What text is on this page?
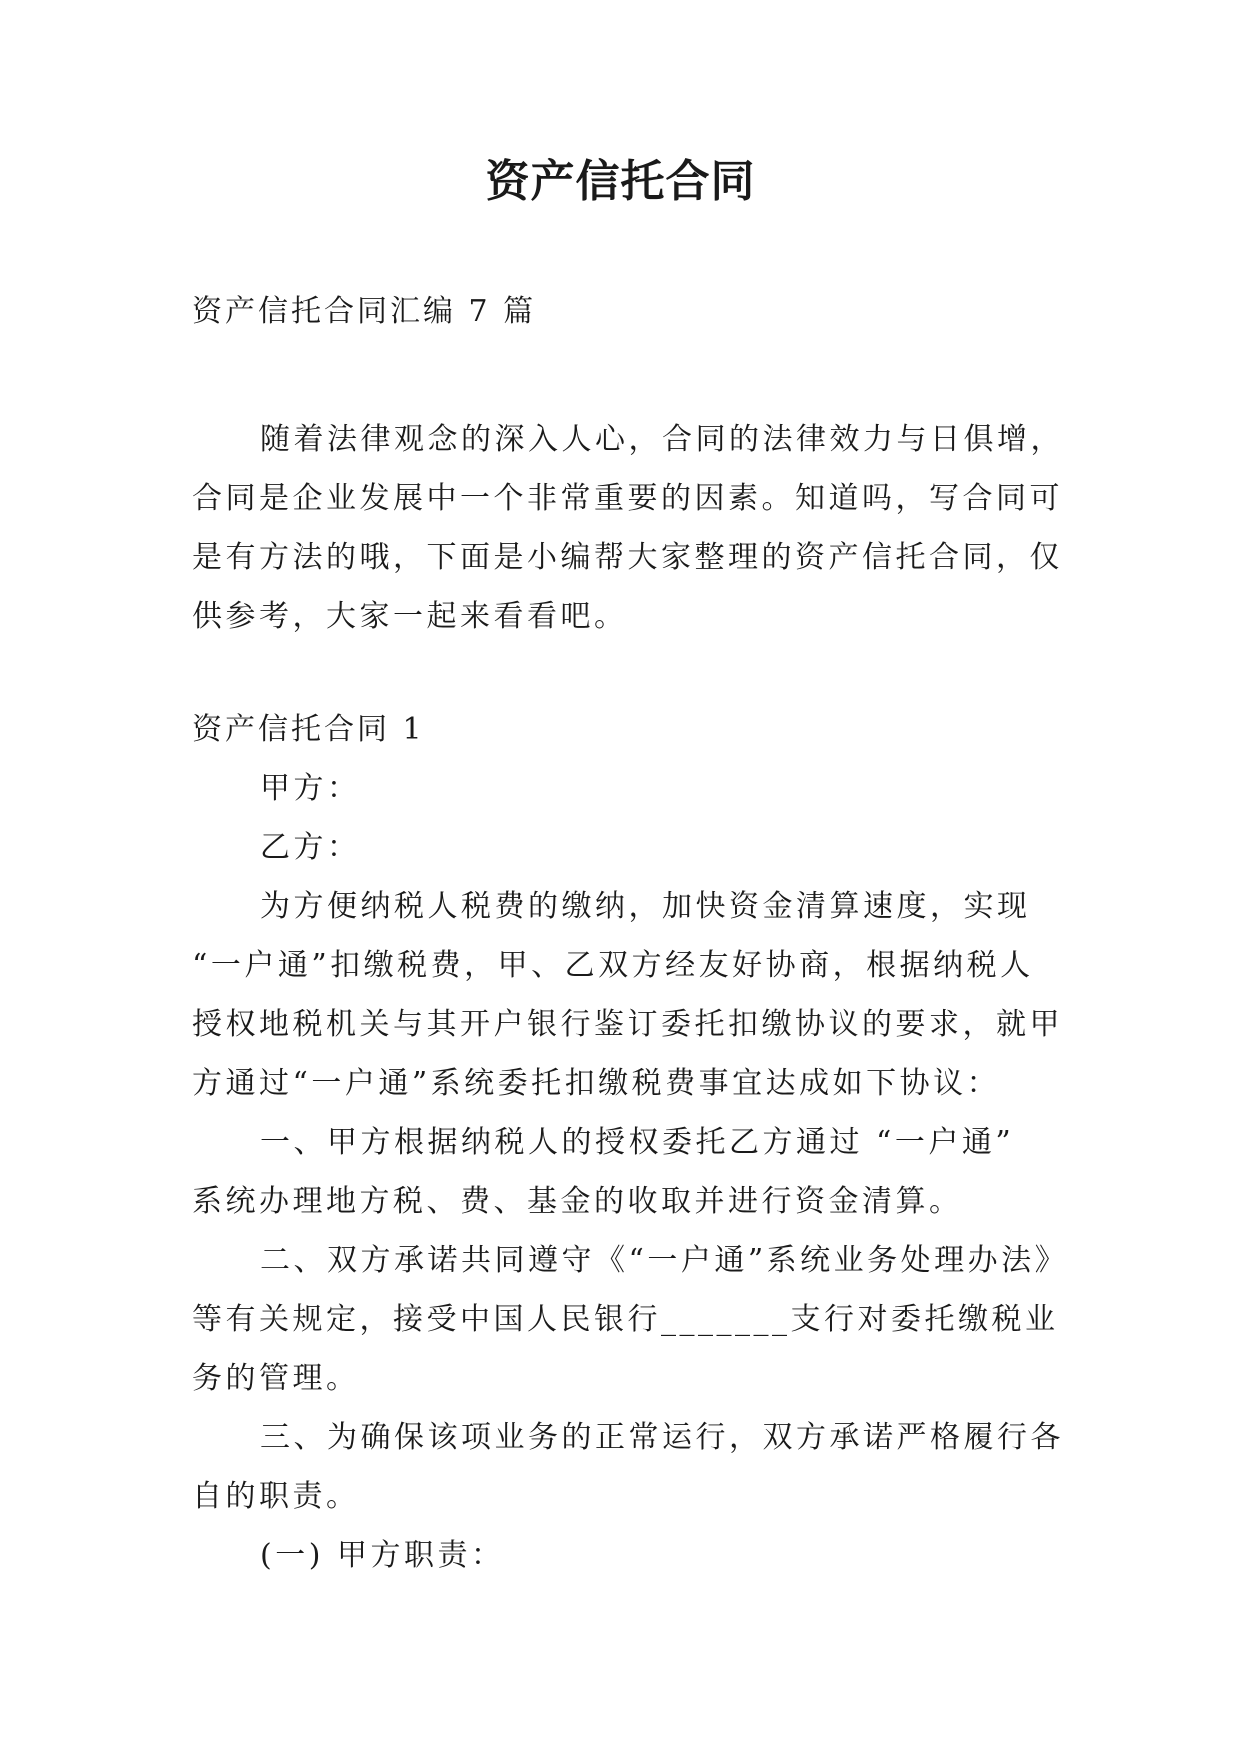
资产信托合同

资产信托合同汇编 7 篇

随着法律观念的深入人心，合同的法律效力与日俱增，
合同是企业发展中一个非常重要的因素。知道吗，写合同可
是有方法的哦，下面是小编帮大家整理的资产信托合同，仅
供参考，大家一起来看看吧。
资产信托合同 1
甲方：
乙方：
为方便纳税人税费的缴纳，加快资金清算速度，实现
“一户通”扣缴税费，甲、乙双方经友好协商，根据纳税人
授权地税机关与其开户银行鉴订委托扣缴协议的要求，就甲
方通过“一户通”系统委托扣缴税费事宜达成如下协议：
一、甲方根据纳税人的授权委托乙方通过 “一户通”
系统办理地方税、费、基金的收取并进行资金清算。
二、双方承诺共同遵守《“一户通”系统业务处理办法》
等有关规定，接受中国人民银行_______支行对委托缴税业
务的管理。
三、为确保该项业务的正常运行，双方承诺严格履行各
自的职责。
(一) 甲方职责：
